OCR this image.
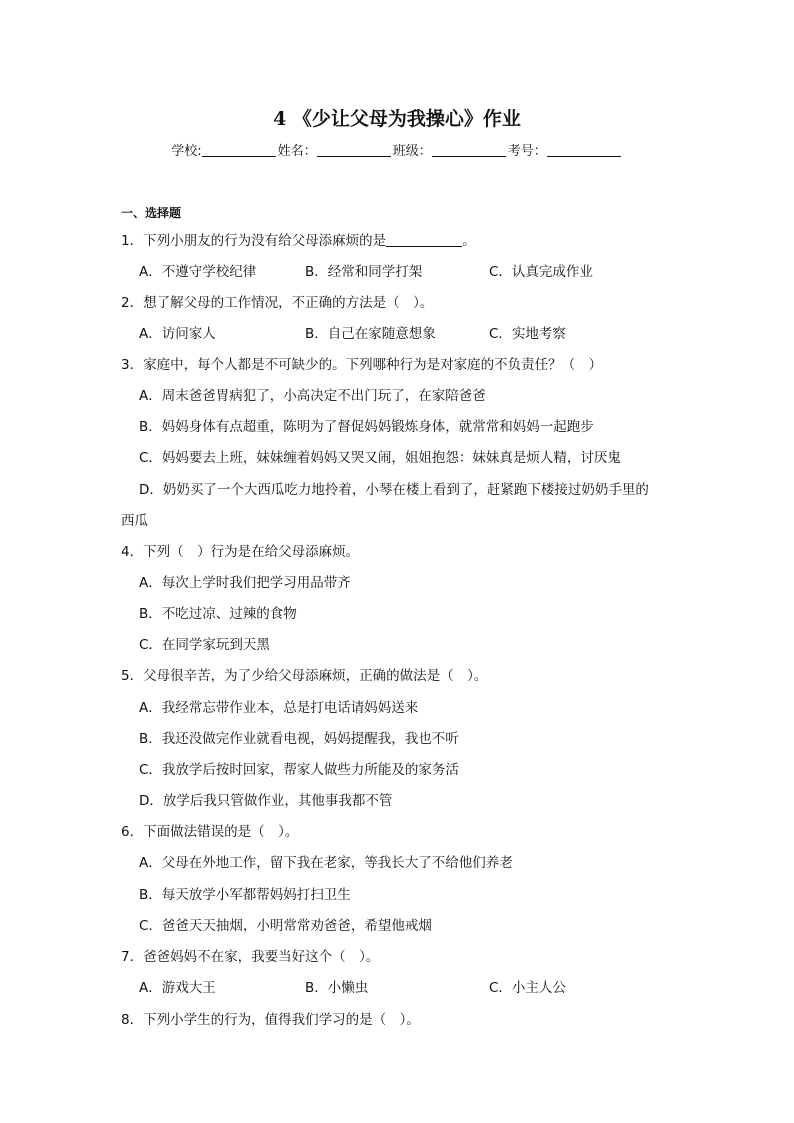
4 《少让父母为我操心》作业
学校:	姓名：	班级：	考号：
一、选择题
1．下列小朋友的行为没有给父母添麻烦的是	。
A．不遵守学校纪律	B．经常和同学打架	C．认真完成作业
2．想了解父母的工作情况，不正确的方法是（　）。
A．访问家人	B．自己在家随意想象	C．实地考察
3．家庭中，每个人都是不可缺少的。下列哪种行为是对家庭的不负责任？（　）
A．周末爸爸胃病犯了，小高决定不出门玩了，在家陪爸爸
B．妈妈身体有点超重，陈明为了督促妈妈锻炼身体，就常常和妈妈一起跑步
C．妈妈要去上班，妹妹缠着妈妈又哭又闹，姐姐抱怨：妹妹真是烦人精，讨厌鬼
D．奶奶买了一个大西瓜吃力地拎着，小琴在楼上看到了，赶紧跑下楼接过奶奶手里的
西瓜
4．下列（　）行为是在给父母添麻烦。
A．每次上学时我们把学习用品带齐
B．不吃过凉、过辣的食物
C．在同学家玩到天黑
5．父母很辛苦，为了少给父母添麻烦，正确的做法是（　）。
A．我经常忘带作业本，总是打电话请妈妈送来
B．我还没做完作业就看电视，妈妈提醒我，我也不听
C．我放学后按时回家，帮家人做些力所能及的家务活
D．放学后我只管做作业，其他事我都不管
6．下面做法错误的是（　）。
A．父母在外地工作，留下我在老家，等我长大了不给他们养老
B．每天放学小军都帮妈妈打扫卫生
C．爸爸天天抽烟，小明常常劝爸爸，希望他戒烟
7．爸爸妈妈不在家，我要当好这个（　）。
A．游戏大王	B．小懒虫	C．小主人公
8．下列小学生的行为，值得我们学习的是（　）。
